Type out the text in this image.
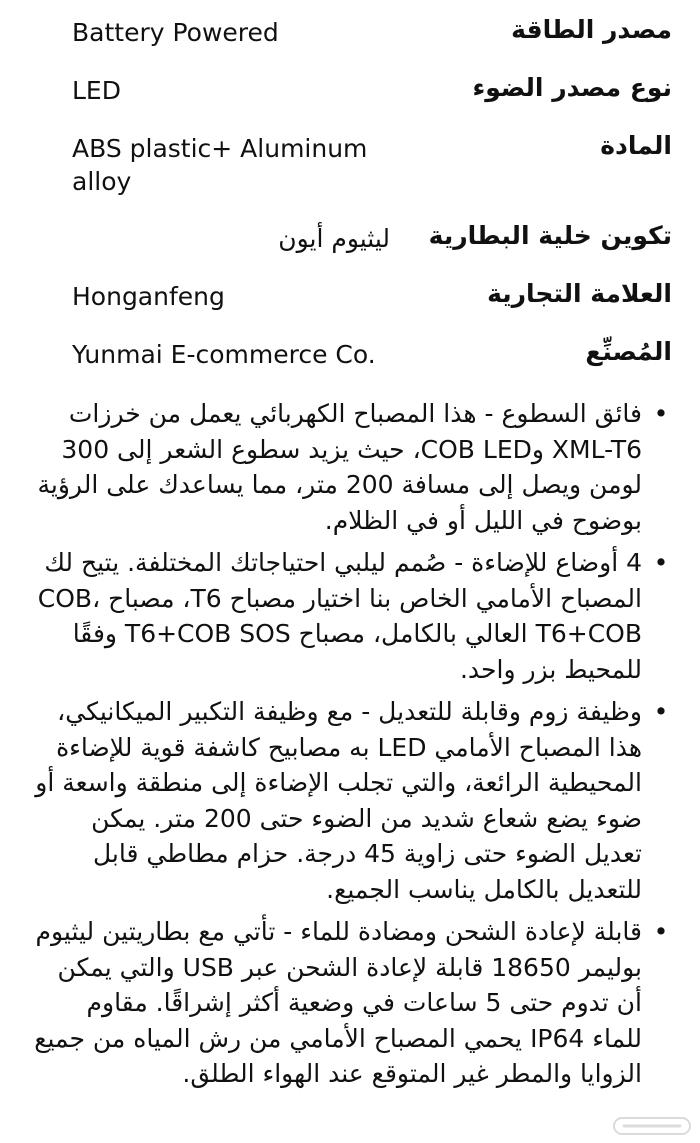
مصدر الطاقة
Battery Powered
نوع مصدر الضوء
LED
المادة
ABS plastic+ Aluminum alloy
تكوين خلية البطارية
ليثيوم أيون
العلامة التجارية
Honganfeng
المُصنِّع
Yunmai E-commerce Co.
•
فائق السطوع - هذا المصباح الكهربائي يعمل من خرزات XML-T6 وCOB LED، حيث يزيد سطوع الشعر إلى 300 لومن ويصل إلى مسافة 200 متر، مما يساعدك على الرؤية بوضوح في الليل أو في الظلام.
•
4 أوضاع للإضاءة - صُمم ليلبي احتياجاتك المختلفة. يتيح لك المصباح الأمامي الخاص بنا اختيار مصباح T6، مصباح COB، T6+COB العالي بالكامل، مصباح T6+COB SOS وفقًا للمحيط بزر واحد.
•
وظيفة زوم وقابلة للتعديل - مع وظيفة التكبير الميكانيكي، هذا المصباح الأمامي LED به مصابيح كاشفة قوية للإضاءة المحيطية الرائعة، والتي تجلب الإضاءة إلى منطقة واسعة أو ضوء يضع شعاع شديد من الضوء حتى 200 متر. يمكن تعديل الضوء حتى زاوية 45 درجة. حزام مطاطي قابل للتعديل بالكامل يناسب الجميع.
•
قابلة لإعادة الشحن ومضادة للماء - تأتي مع بطاريتين ليثيوم بوليمر 18650 قابلة لإعادة الشحن عبر USB والتي يمكن أن تدوم حتى 5 ساعات في وضعية أكثر إشراقًا. مقاوم للماء IP64 يحمي المصباح الأمامي من رش المياه من جميع الزوايا والمطر غير المتوقع عند الهواء الطلق.
